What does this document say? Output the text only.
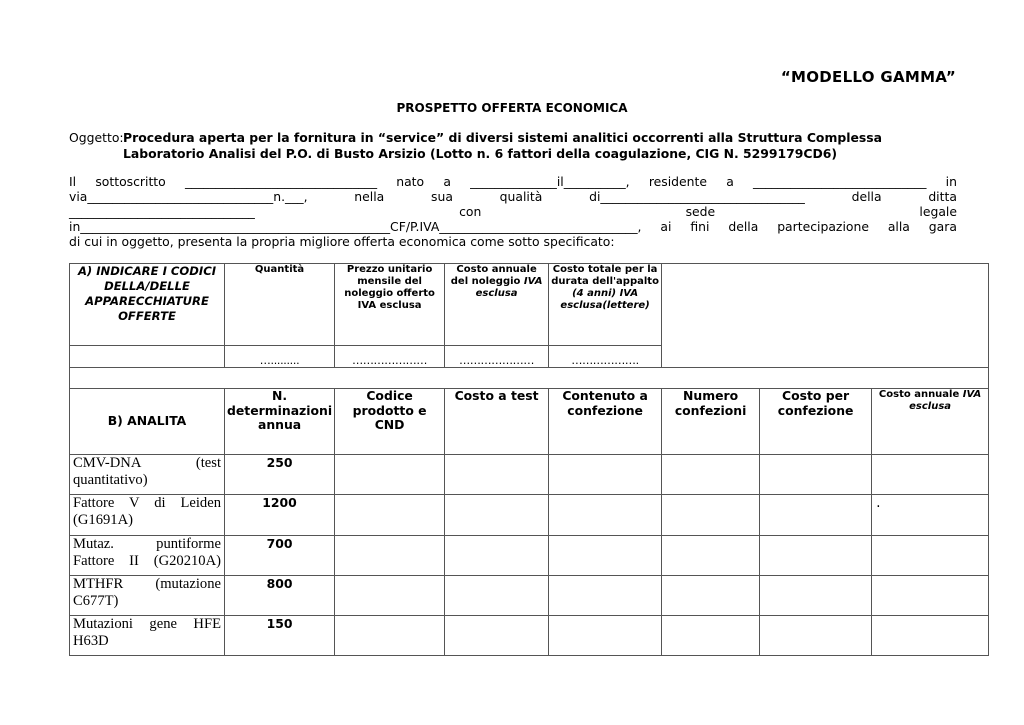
“MODELLO GAMMA”
PROSPETTO OFFERTA ECONOMICA
Oggetto: Procedura aperta per la fornitura in “service” di diversi sistemi analitici occorrenti alla Struttura Complessa Laboratorio Analisi del P.O. di Busto Arsizio (Lotto n. 6 fattori della coagulazione, CIG N. 5299179CD6)
Il sottoscritto _______________________________ nato a ______________il__________, residente a ____________________________ in
via______________________________n.___,	nella	sua	qualità	di_________________________________	della	ditta
______________________________	con	sede	legale
in__________________________________________________CF/P.IVA________________________________, ai fini della partecipazione alla gara
di cui in oggetto, presenta la propria migliore offerta economica come sotto specificato:
A) INDICARE I CODICI DELLA/DELLE APPARECCHIATURE OFFERTE	Quantità	Prezzo unitario mensile del noleggio offerto IVA esclusa	Costo annuale del noleggio IVA esclusa	Costo totale per la durata dell'appalto (4 anni) IVA esclusa(lettere)			
	….........	…………………	…………………	……………….			

B) ANALITA	N. determinazioni annua	Codice prodotto e CND	Costo a test	Contenuto a confezione	Numero confezioni	Costo per confezione	Costo annuale IVA esclusa

CMV-DNA (test
quantitativo)	250						

Fattore V di Leiden
(G1691A)	1200						.

Mutaz. puntiforme
Fattore II (G20210A)	700						

MTHFR (mutazione
C677T)	800						

Mutazioni gene HFE
H63D	150						
